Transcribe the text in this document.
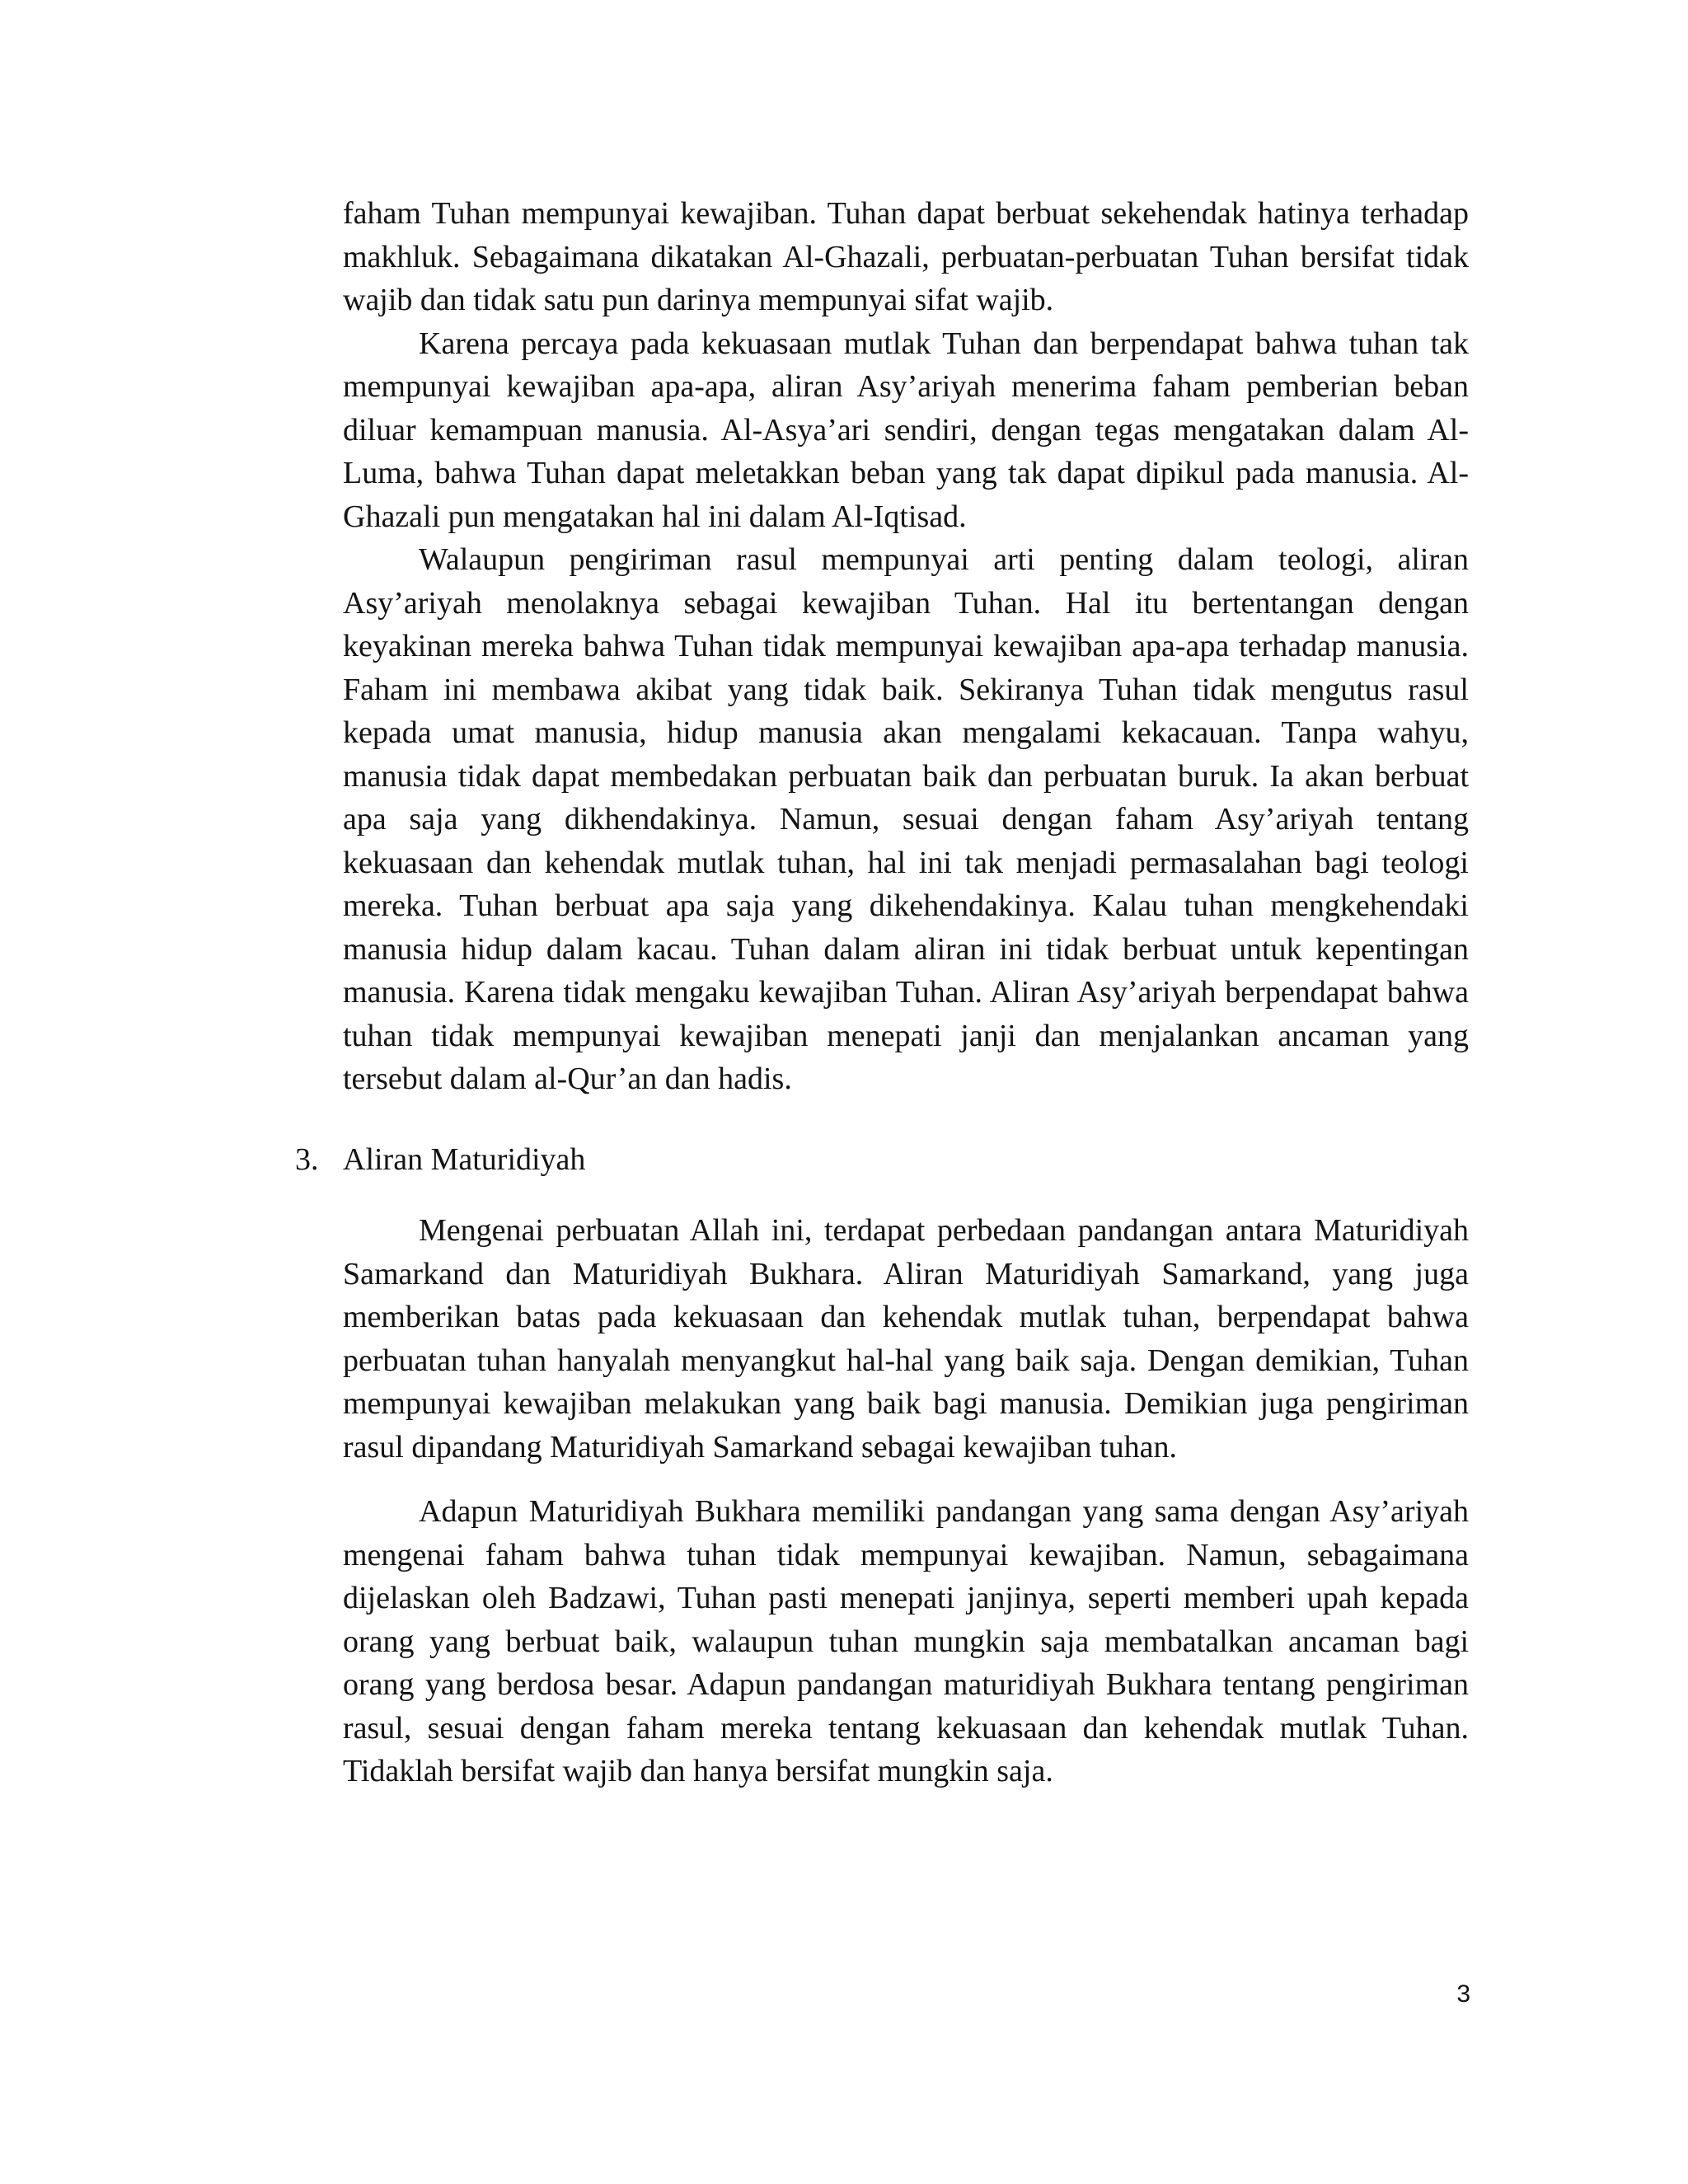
faham Tuhan mempunyai kewajiban. Tuhan dapat berbuat sekehendak hatinya terhadap makhluk. Sebagaimana dikatakan Al-Ghazali, perbuatan-perbuatan Tuhan bersifat tidak wajib dan tidak satu pun darinya mempunyai sifat wajib.

Karena percaya pada kekuasaan mutlak Tuhan dan berpendapat bahwa tuhan tak mempunyai kewajiban apa-apa, aliran Asy’ariyah menerima faham pemberian beban diluar kemampuan manusia. Al-Asya’ari sendiri, dengan tegas mengatakan dalam Al-Luma, bahwa Tuhan dapat meletakkan beban yang tak dapat dipikul pada manusia. Al-Ghazali pun mengatakan hal ini dalam Al-Iqtisad.

Walaupun pengiriman rasul mempunyai arti penting dalam teologi, aliran Asy’ariyah menolaknya sebagai kewajiban Tuhan. Hal itu bertentangan dengan keyakinan mereka bahwa Tuhan tidak mempunyai kewajiban apa-apa terhadap manusia. Faham ini membawa akibat yang tidak baik. Sekiranya Tuhan tidak mengutus rasul kepada umat manusia, hidup manusia akan mengalami kekacauan. Tanpa wahyu, manusia tidak dapat membedakan perbuatan baik dan perbuatan buruk. Ia akan berbuat apa saja yang dikhendakinya. Namun, sesuai dengan faham Asy’ariyah tentang kekuasaan dan kehendak mutlak tuhan, hal ini tak menjadi permasalahan bagi teologi mereka. Tuhan berbuat apa saja yang dikehendakinya. Kalau tuhan mengkehendaki manusia hidup dalam kacau. Tuhan dalam aliran ini tidak berbuat untuk kepentingan manusia. Karena tidak mengaku kewajiban Tuhan. Aliran Asy’ariyah berpendapat bahwa tuhan tidak mempunyai kewajiban menepati janji dan menjalankan ancaman yang tersebut dalam al-Qur’an dan hadis.

3. Aliran Maturidiyah

Mengenai perbuatan Allah ini, terdapat perbedaan pandangan antara Maturidiyah Samarkand dan Maturidiyah Bukhara. Aliran Maturidiyah Samarkand, yang juga memberikan batas pada kekuasaan dan kehendak mutlak tuhan, berpendapat bahwa perbuatan tuhan hanyalah menyangkut hal-hal yang baik saja. Dengan demikian, Tuhan mempunyai kewajiban melakukan yang baik bagi manusia. Demikian juga pengiriman rasul dipandang Maturidiyah Samarkand sebagai kewajiban tuhan.

Adapun Maturidiyah Bukhara memiliki pandangan yang sama dengan Asy’ariyah mengenai faham bahwa tuhan tidak mempunyai kewajiban. Namun, sebagaimana dijelaskan oleh Badzawi, Tuhan pasti menepati janjinya, seperti memberi upah kepada orang yang berbuat baik, walaupun tuhan mungkin saja membatalkan ancaman bagi orang yang berdosa besar. Adapun pandangan maturidiyah Bukhara tentang pengiriman rasul, sesuai dengan faham mereka tentang kekuasaan dan kehendak mutlak Tuhan. Tidaklah bersifat wajib dan hanya bersifat mungkin saja.

3
